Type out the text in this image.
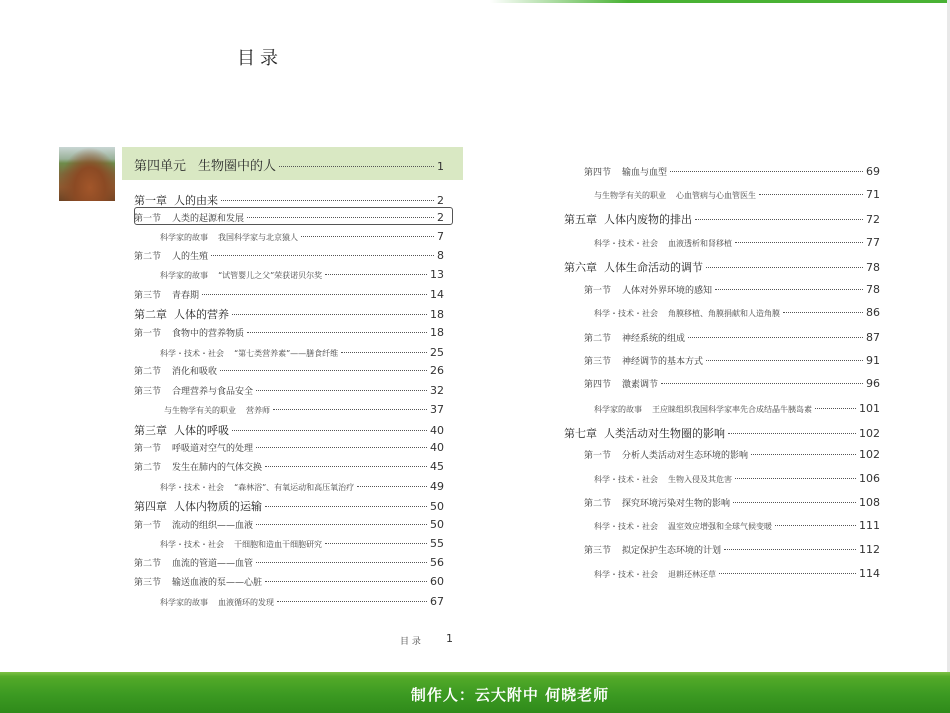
目录
第四单元 生物圈中的人	1
第一章 人的由来	2
第一节	人类的起源和发展	2
科学家的故事 我国科学家与北京猿人	7
第二节	人的生殖	8
科学家的故事 “试管婴儿之父”荣获诺贝尔奖	13
第三节	青春期	14
第二章 人体的营养	18
第一节	食物中的营养物质	18
科学・技术・社会 “第七类营养素”——膳食纤维	25
第二节	消化和吸收	26
第三节	合理营养与食品安全	32
与生物学有关的职业 营养师	37
第三章 人体的呼吸	40
第一节	呼吸道对空气的处理	40
第二节	发生在肺内的气体交换	45
科学・技术・社会 “森林浴”、有氧运动和高压氧治疗	49
第四章 人体内物质的运输	50
第一节	流动的组织——血液	50
科学・技术・社会 干细胞和造血干细胞研究	55
第二节	血流的管道——血管	56
第三节	输送血液的泵——心脏	60
科学家的故事 血液循环的发现	67
第四节	输血与血型	69
与生物学有关的职业 心血管病与心血管医生	71
第五章 人体内废物的排出	72
科学・技术・社会 血液透析和肾移植	77
第六章 人体生命活动的调节	78
第一节	人体对外界环境的感知	78
科学・技术・社会 角膜移植、角膜捐献和人造角膜	86
第二节	神经系统的组成	87
第三节	神经调节的基本方式	91
第四节	激素调节	96
科学家的故事 王应睐组织我国科学家率先合成结晶牛胰岛素	101
第七章 人类活动对生物圈的影响	102
第一节	分析人类活动对生态环境的影响	102
科学・技术・社会 生物入侵及其危害	106
第二节	探究环境污染对生物的影响	108
科学・技术・社会 温室效应增强和全球气候变暖	111
第三节	拟定保护生态环境的计划	112
科学・技术・社会 退耕还林还草	114
目 录 1
制作人：云大附中 何晓老师
